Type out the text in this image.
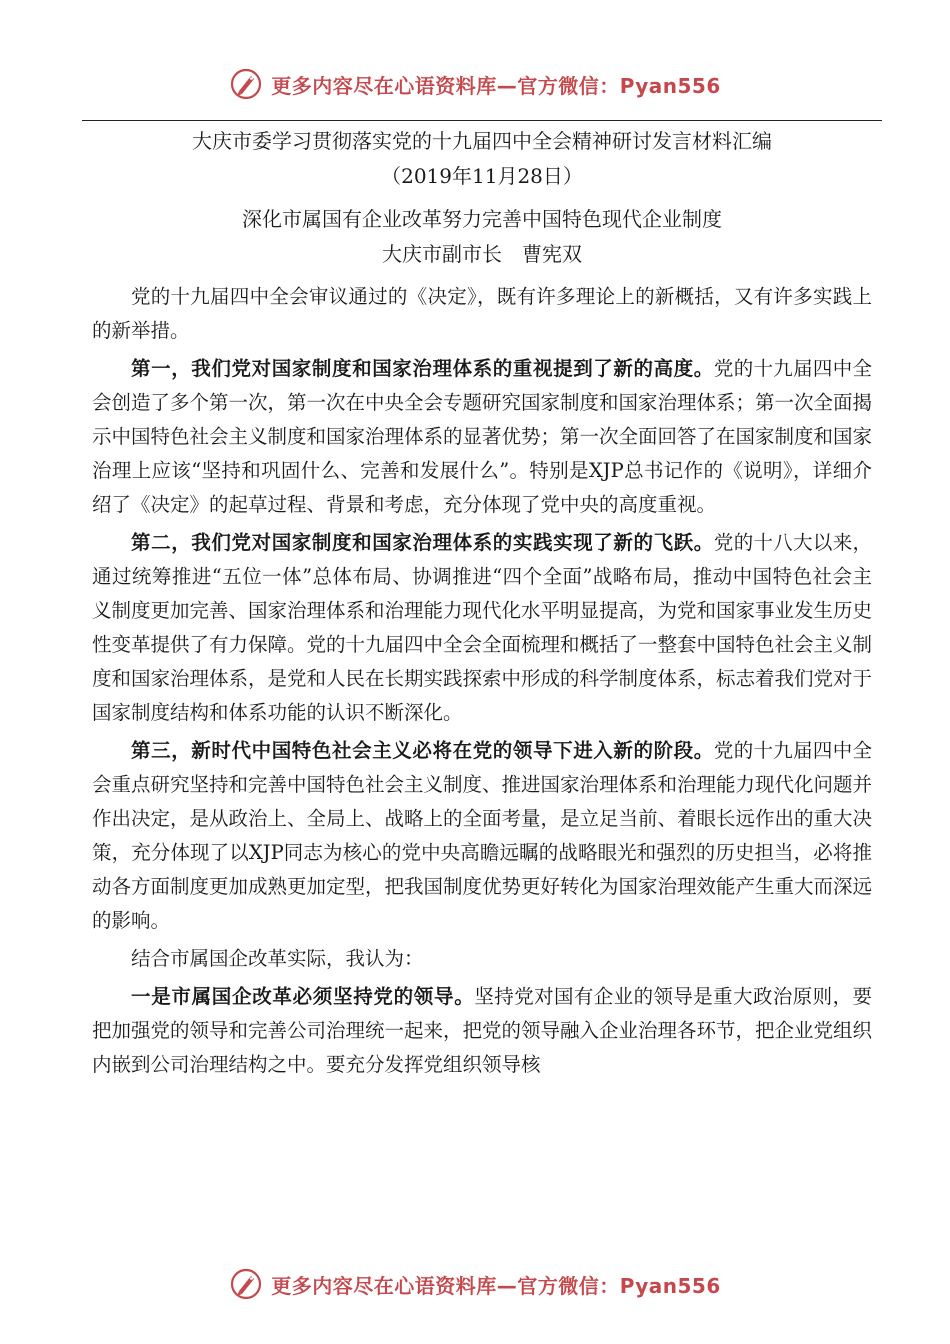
更多内容尽在心语资料库—官方微信：Pyan556

大庆市委学习贯彻落实党的十九届四中全会精神研讨发言材料汇编

（2019年11月28日）

深化市属国有企业改革努力完善中国特色现代企业制度

大庆市副市长　曹宪双

党的十九届四中全会审议通过的《决定》，既有许多理论上的新概括，又有许多实践上的新举措。

第一，我们党对国家制度和国家治理体系的重视提到了新的高度。党的十九届四中全会创造了多个第一次，第一次在中央全会专题研究国家制度和国家治理体系；第一次全面揭示中国特色社会主义制度和国家治理体系的显著优势；第一次全面回答了在国家制度和国家治理上应该“坚持和巩固什么、完善和发展什么”。特别是XJP总书记作的《说明》，详细介绍了《决定》的起草过程、背景和考虑，充分体现了党中央的高度重视。

第二，我们党对国家制度和国家治理体系的实践实现了新的飞跃。党的十八大以来，通过统筹推进“五位一体”总体布局、协调推进“四个全面”战略布局，推动中国特色社会主义制度更加完善、国家治理体系和治理能力现代化水平明显提高，为党和国家事业发生历史性变革提供了有力保障。党的十九届四中全会全面梳理和概括了一整套中国特色社会主义制度和国家治理体系，是党和人民在长期实践探索中形成的科学制度体系，标志着我们党对于国家制度结构和体系功能的认识不断深化。

第三，新时代中国特色社会主义必将在党的领导下进入新的阶段。党的十九届四中全会重点研究坚持和完善中国特色社会主义制度、推进国家治理体系和治理能力现代化问题并作出决定，是从政治上、全局上、战略上的全面考量，是立足当前、着眼长远作出的重大决策，充分体现了以XJP同志为核心的党中央高瞻远瞩的战略眼光和强烈的历史担当，必将推动各方面制度更加成熟更加定型，把我国制度优势更好转化为国家治理效能产生重大而深远的影响。

结合市属国企改革实际，我认为：

一是市属国企改革必须坚持党的领导。坚持党对国有企业的领导是重大政治原则，要把加强党的领导和完善公司治理统一起来，把党的领导融入企业治理各环节，把企业党组织内嵌到公司治理结构之中。要充分发挥党组织领导核

更多内容尽在心语资料库—官方微信：Pyan556
